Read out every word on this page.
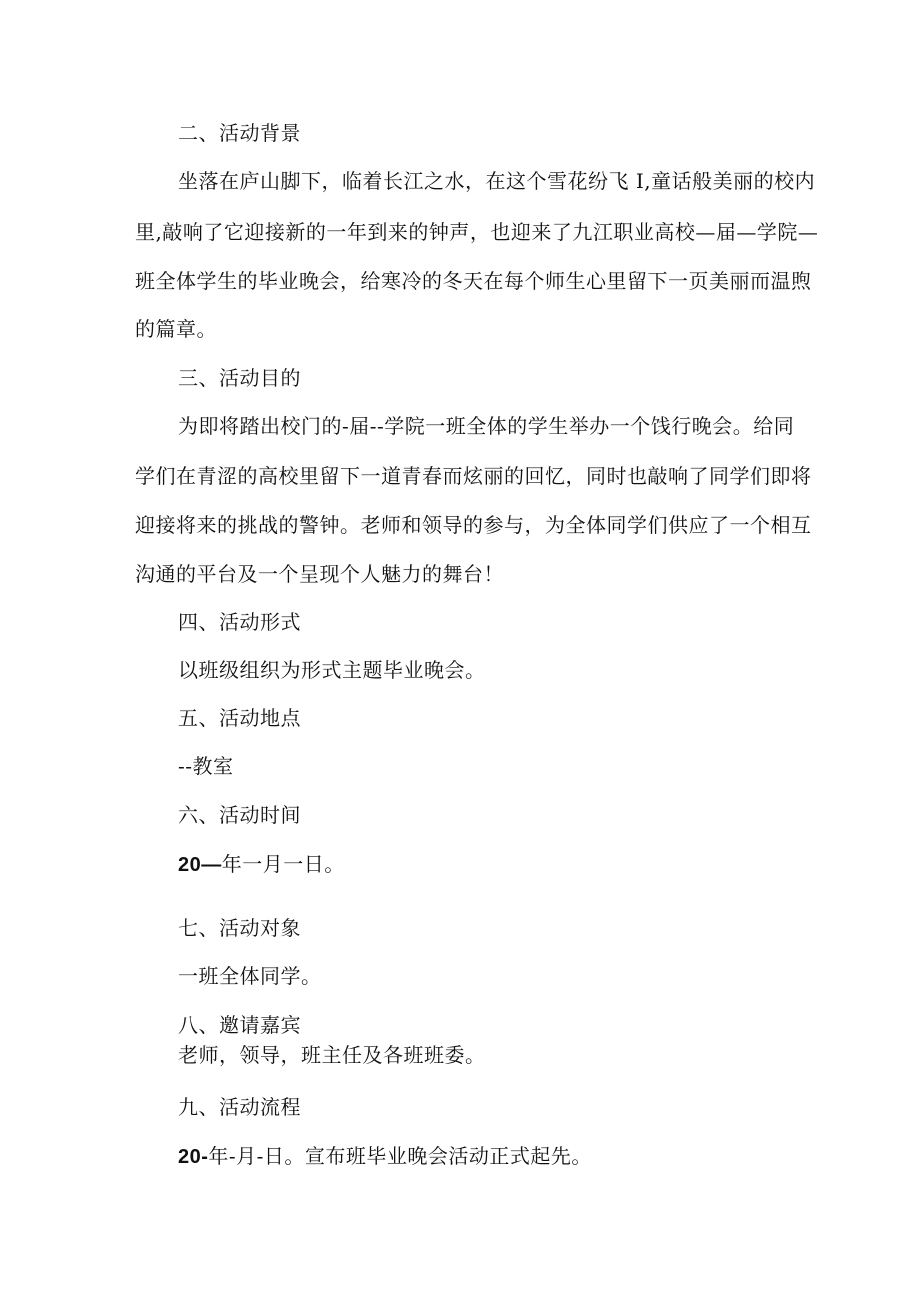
二、活动背景
坐落在庐山脚下，临着长江之水，在这个雪花纷飞 I,童话般美丽的校内
里,敲响了它迎接新的一年到来的钟声，也迎来了九江职业高校—届—学院—
班全体学生的毕业晚会，给寒冷的冬天在每个师生心里留下一页美丽而温煦
的篇章。
三、活动目的
为即将踏出校门的-届--学院一班全体的学生举办一个饯行晚会。给同
学们在青涩的高校里留下一道青春而炫丽的回忆，同时也敲响了同学们即将
迎接将来的挑战的警钟。老师和领导的参与，为全体同学们供应了一个相互
沟通的平台及一个呈现个人魅力的舞台！
四、活动形式
以班级组织为形式主题毕业晚会。
五、活动地点
--教室
六、活动时间
20—年一月一日。
七、活动对象
一班全体同学。
八、邀请嘉宾
老师，领导，班主任及各班班委。
九、活动流程
20-年-月-日。宣布班毕业晚会活动正式起先。
